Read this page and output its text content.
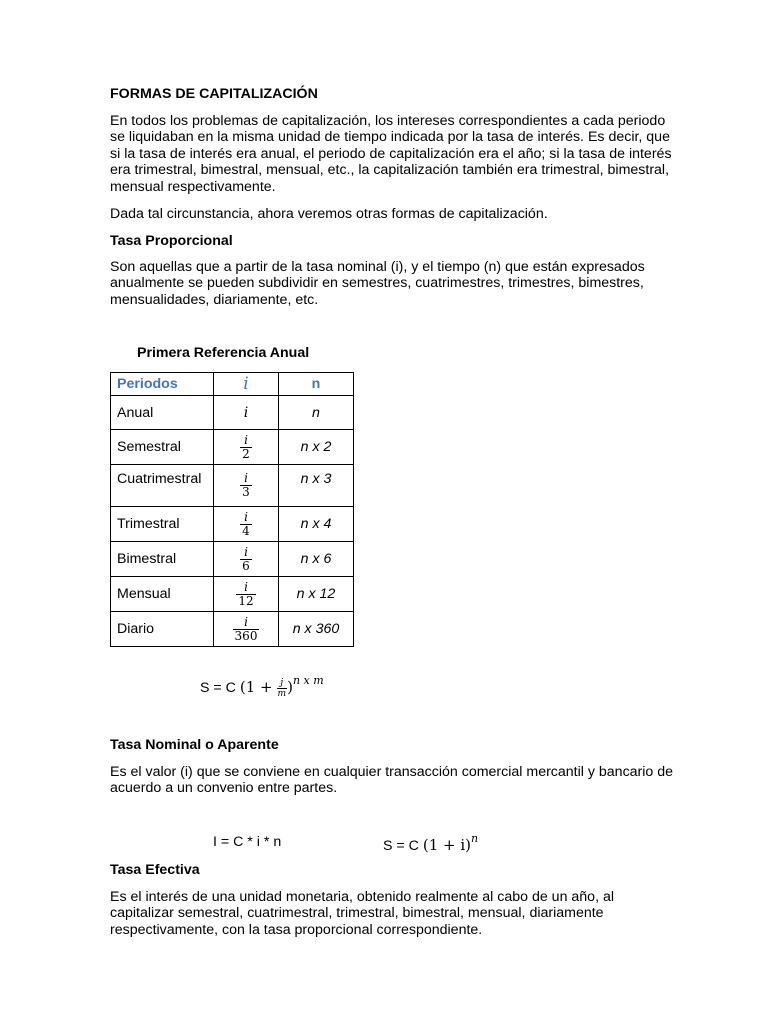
FORMAS DE CAPITALIZACIÓN

En todos los problemas de capitalización, los intereses correspondientes a cada periodo se liquidaban en la misma unidad de tiempo indicada por la tasa de interés. Es decir, que si la tasa de interés era anual, el periodo de capitalización era el año; si la tasa de interés era trimestral, bimestral, mensual, etc., la capitalización también era trimestral, bimestral, mensual respectivamente.

Dada tal circunstancia, ahora veremos otras formas de capitalización.

Tasa Proporcional

Son aquellas que a partir de la tasa nominal (i), y el tiempo (n) que están expresados anualmente se pueden subdividir en semestres, cuatrimestres, trimestres, bimestres, mensualidades, diariamente, etc.

Primera Referencia Anual
Periodos	i	n
Anual	i	n
Semestral	$\frac{i}{2}$	n x 2
Cuatrimestral	$\frac{i}{3}$	n x 3
Trimestral	$\frac{i}{4}$	n x 4
Bimestral	$\frac{i}{6}$	n x 6
Mensual	$\frac{i}{12}$	n x 12
Diario	$\frac{i}{360}$	n x 360
S = C $(1 + \frac{j}{m} )^{n x m}$
Tasa Nominal o Aparente

Es el valor (i) que se conviene en cualquier transacción comercial mercantil y bancario de acuerdo a un convenio entre partes.

I = C * i * n	S = C $(1 + i)^n$
Tasa Efectiva

Es el interés de una unidad monetaria, obtenido realmente al cabo de un año, al capitalizar semestral, cuatrimestral, trimestral, bimestral, mensual, diariamente respectivamente, con la tasa proporcional correspondiente.
